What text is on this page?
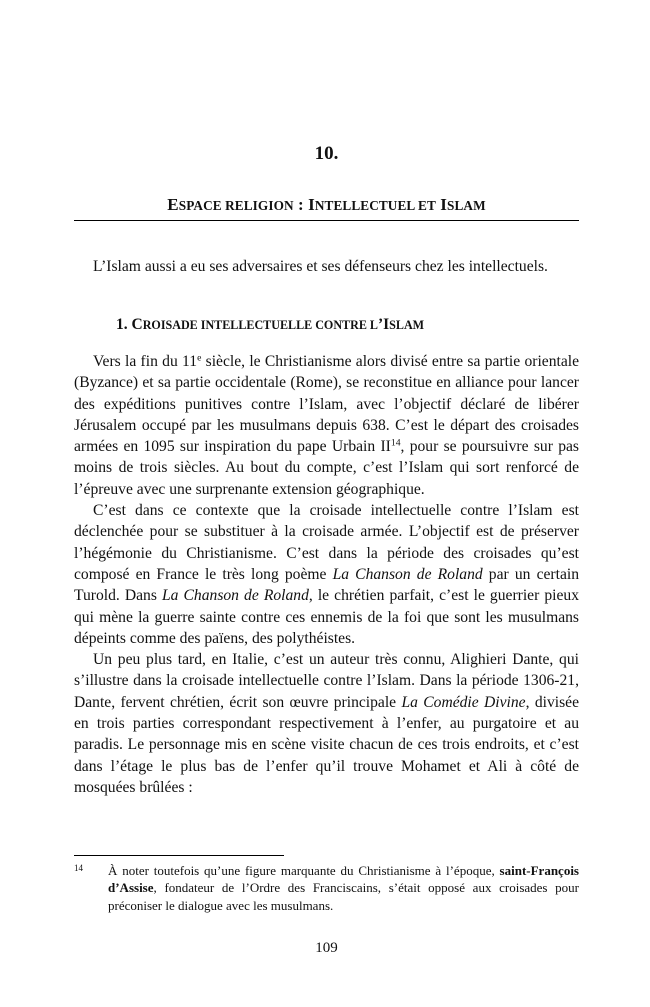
10.
ESPACE RELIGION : INTELLECTUEL ET ISLAM

L’Islam aussi a eu ses adversaires et ses défenseurs chez les intellectuels.

1. CROISADE INTELLECTUELLE CONTRE L’ISLAM

Vers la fin du 11e siècle, le Christianisme alors divisé entre sa partie orientale (Byzance) et sa partie occidentale (Rome), se reconstitue en alliance pour lancer des expéditions punitives contre l’Islam, avec l’objectif déclaré de libérer Jérusalem occupé par les musulmans depuis 638. C’est le départ des croisades armées en 1095 sur inspiration du pape Urbain II$^{14}$, pour se poursuivre sur pas moins de trois siècles. Au bout du compte, c’est l’Islam qui sort renforcé de l’épreuve avec une surprenante extension géographique.

C’est dans ce contexte que la croisade intellectuelle contre l’Islam est déclenchée pour se substituer à la croisade armée. L’objectif est de préserver l’hégémonie du Christianisme. C’est dans la période des croisades qu’est composé en France le très long poème La Chanson de Roland par un certain Turold. Dans La Chanson de Roland, le chrétien parfait, c’est le guerrier pieux qui mène la guerre sainte contre ces ennemis de la foi que sont les musulmans dépeints comme des païens, des polythéistes.

Un peu plus tard, en Italie, c’est un auteur très connu, Alighieri Dante, qui s’illustre dans la croisade intellectuelle contre l’Islam. Dans la période 1306-21, Dante, fervent chrétien, écrit son œuvre principale La Comédie Divine, divisée en trois parties correspondant respectivement à l’enfer, au purgatoire et au paradis. Le personnage mis en scène visite chacun de ces trois endroits, et c’est dans l’étage le plus bas de l’enfer qu’il trouve Mohamet et Ali à côté de mosquées brûlées :

14 À noter toutefois qu’une figure marquante du Christianisme à l’époque, saint-François d’Assise, fondateur de l’Ordre des Franciscains, s’était opposé aux croisades pour préconiser le dialogue avec les musulmans.

109
